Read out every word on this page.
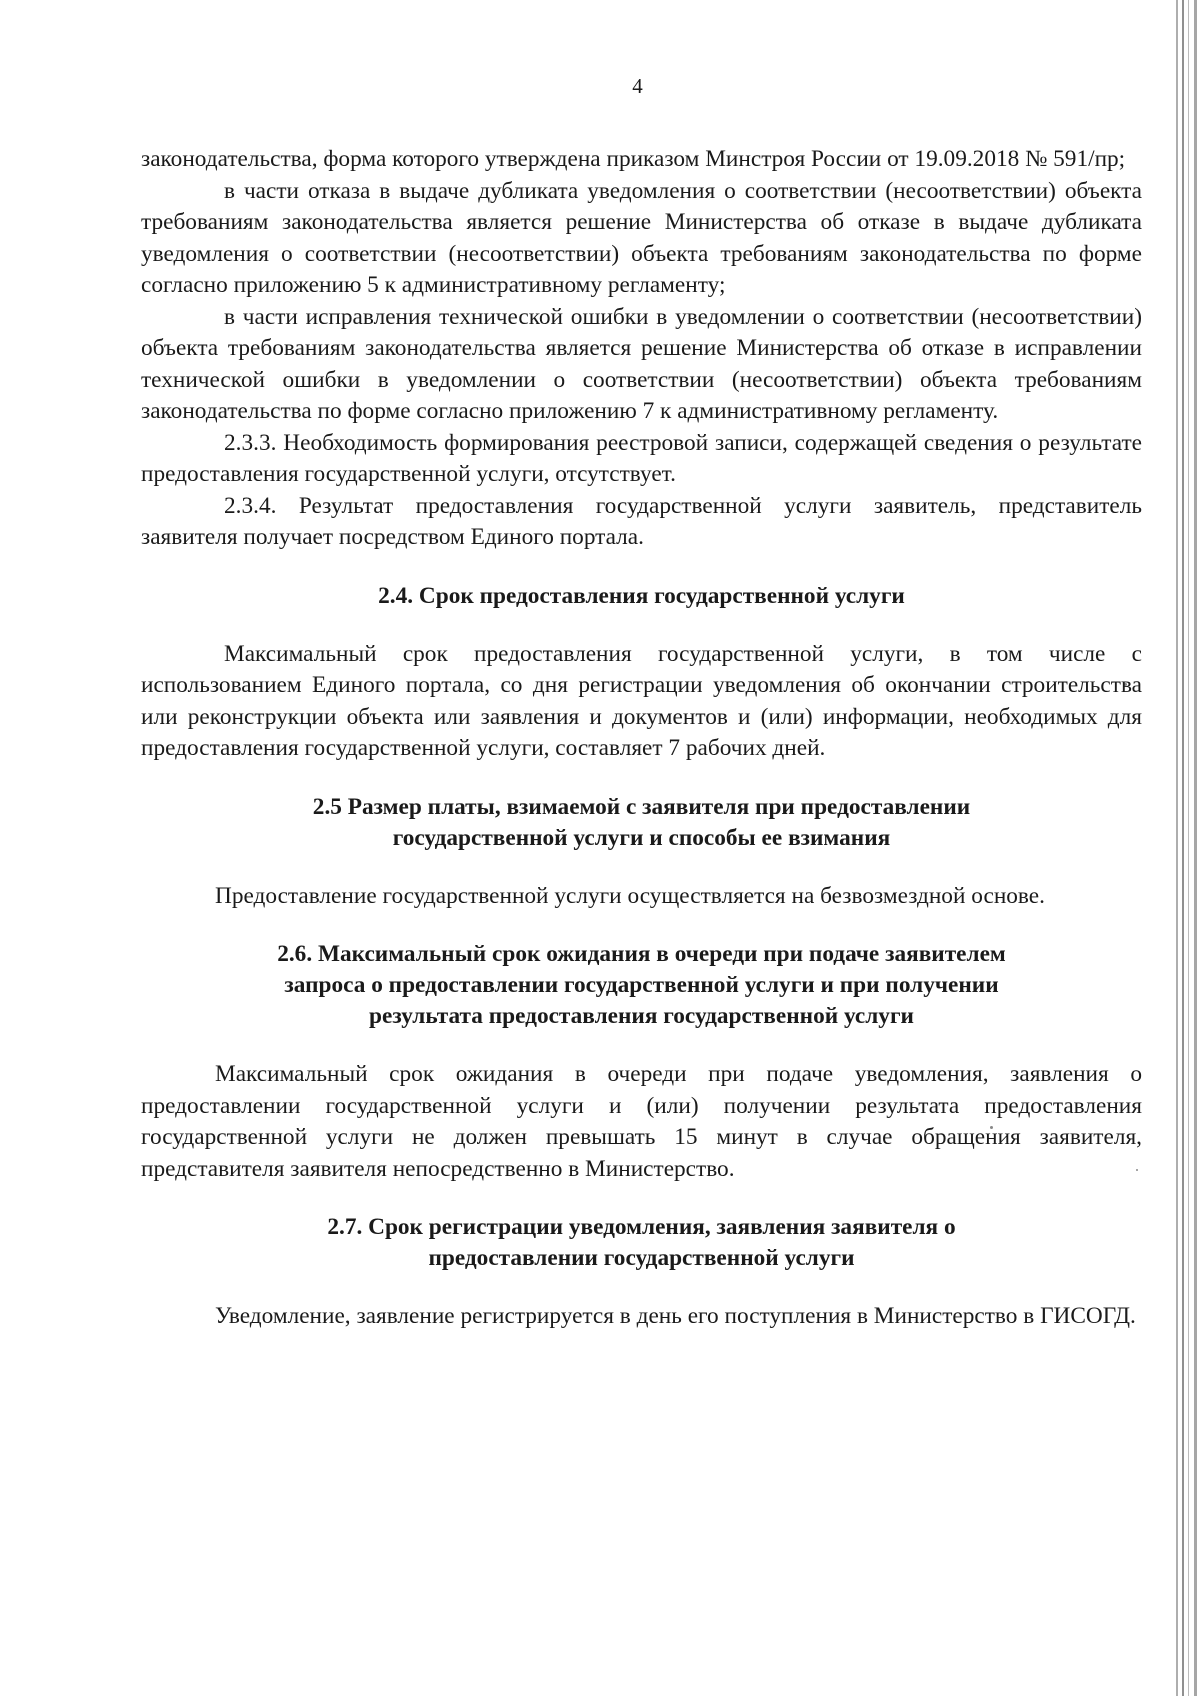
4

законодательства, форма которого утверждена приказом Минстроя России от 19.09.2018 № 591/пр;

в части отказа в выдаче дубликата уведомления о соответствии (несоответствии) объекта требованиям законодательства является решение Министерства об отказе в выдаче дубликата уведомления о соответствии (несоответствии) объекта требованиям законодательства по форме согласно приложению 5 к административному регламенту;

в части исправления технической ошибки в уведомлении о соответствии (несоответствии) объекта требованиям законодательства является решение Министерства об отказе в исправлении технической ошибки в уведомлении о соответствии (несоответствии) объекта требованиям законодательства по форме согласно приложению 7 к административному регламенту.

2.3.3. Необходимость формирования реестровой записи, содержащей сведения о результате предоставления государственной услуги, отсутствует.

2.3.4. Результат предоставления государственной услуги заявитель, представитель заявителя получает посредством Единого портала.

2.4. Срок предоставления государственной услуги

Максимальный срок предоставления государственной услуги, в том числе с использованием Единого портала, со дня регистрации уведомления об окончании строительства или реконструкции объекта или заявления и документов и (или) информации, необходимых для предоставления государственной услуги, составляет 7 рабочих дней.

2.5 Размер платы, взимаемой с заявителя при предоставлении

государственной услуги и способы ее взимания

Предоставление государственной услуги осуществляется на безвозмездной основе.

2.6. Максимальный срок ожидания в очереди при подаче заявителем

запроса о предоставлении государственной услуги и при получении

результата предоставления государственной услуги

Максимальный срок ожидания в очереди при подаче уведомления, заявления о предоставлении государственной услуги и (или) получении результата предоставления государственной услуги не должен превышать 15 минут в случае обращения заявителя, представителя заявителя непосредственно в Министерство.

2.7. Срок регистрации уведомления, заявления заявителя о

предоставлении государственной услуги

Уведомление, заявление регистрируется в день его поступления в Министерство в ГИСОГД.
